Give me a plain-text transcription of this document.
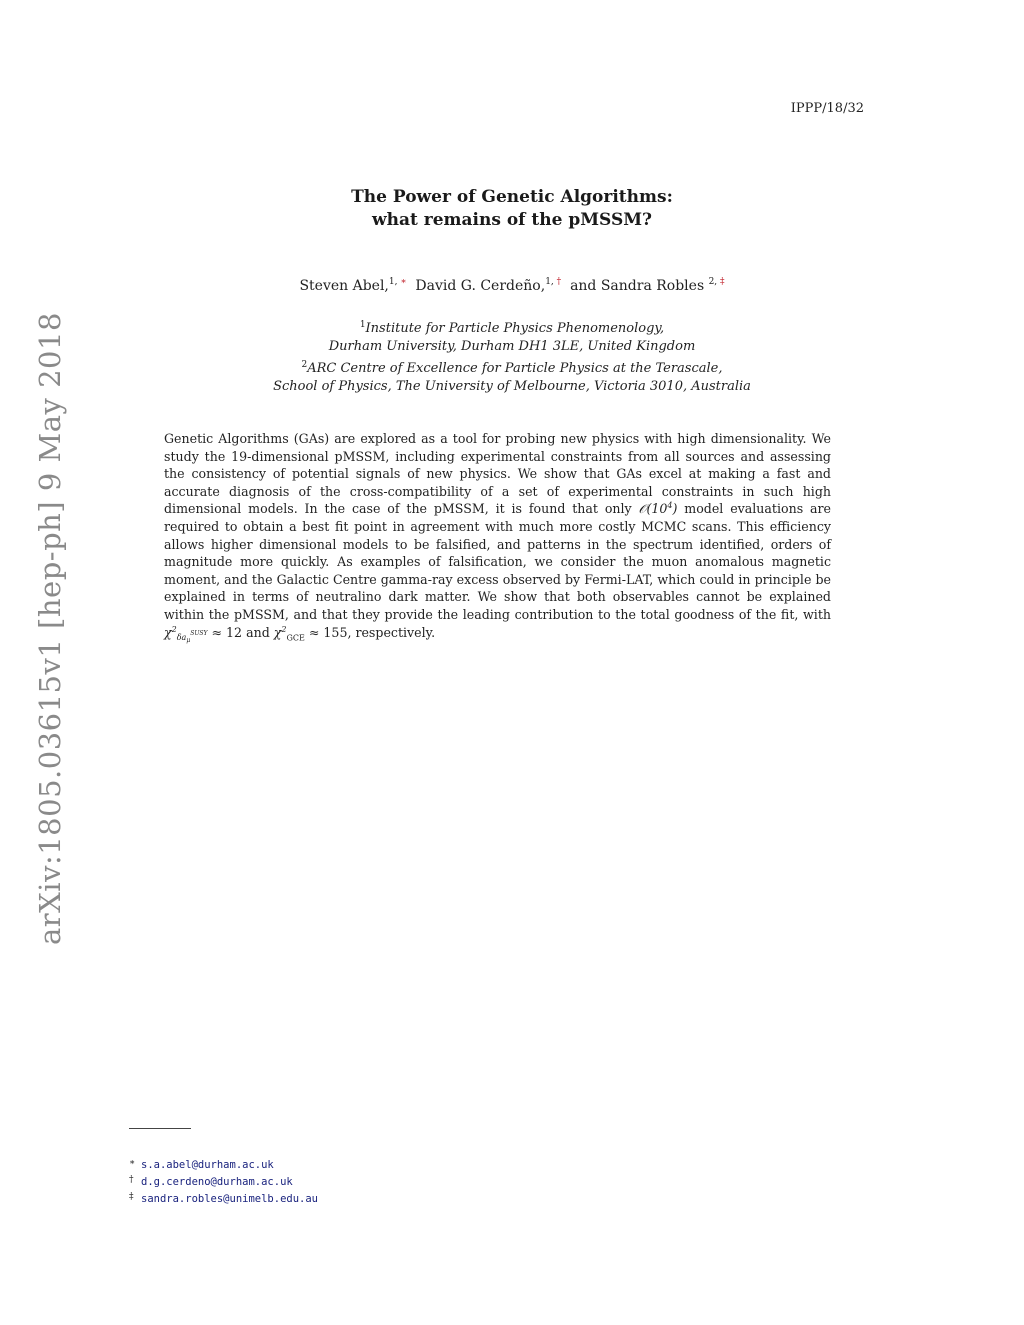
arXiv:1805.03615v1 [hep-ph] 9 May 2018
IPPP/18/32
The Power of Genetic Algorithms:
what remains of the pMSSM?
Steven Abel,$^{1, ∗}$ David G. Cerdeño,$^{1, \dagger}$ and Sandra Robles $^{2, \ddagger}$
$^1$Institute for Particle Physics Phenomenology,
Durham University, Durham DH1 3LE, United Kingdom
$^2$ARC Centre of Excellence for Particle Physics at the Terascale,
School of Physics, The University of Melbourne, Victoria 3010, Australia
Genetic Algorithms (GAs) are explored as a tool for probing new physics with high dimensionality. We study the 19-dimensional pMSSM, including experimental constraints from all sources and assessing the consistency of potential signals of new physics. We show that GAs excel at making a fast and accurate diagnosis of the cross-compatibility of a set of experimental constraints in such high dimensional models. In the case of the pMSSM, it is found that only $𝒪(10^4)$ model evaluations are required to obtain a best fit point in agreement with much more costly MCMC scans. This efficiency allows higher dimensional models to be falsified, and patterns in the spectrum identified, orders of magnitude more quickly. As examples of falsification, we consider the muon anomalous magnetic moment, and the Galactic Centre gamma-ray excess observed by Fermi-LAT, which could in principle be explained in terms of neutralino dark matter. We show that both observables cannot be explained within the pMSSM, and that they provide the leading contribution to the total goodness of the fit, with $\chi^2_{\delta a_\mu^{SUSY}} \approx 12$ and $\chi^2_{GCE} \approx 155$, respectively.
∗ s.a.abel@durham.ac.uk
† d.g.cerdeno@durham.ac.uk
‡ sandra.robles@unimelb.edu.au
